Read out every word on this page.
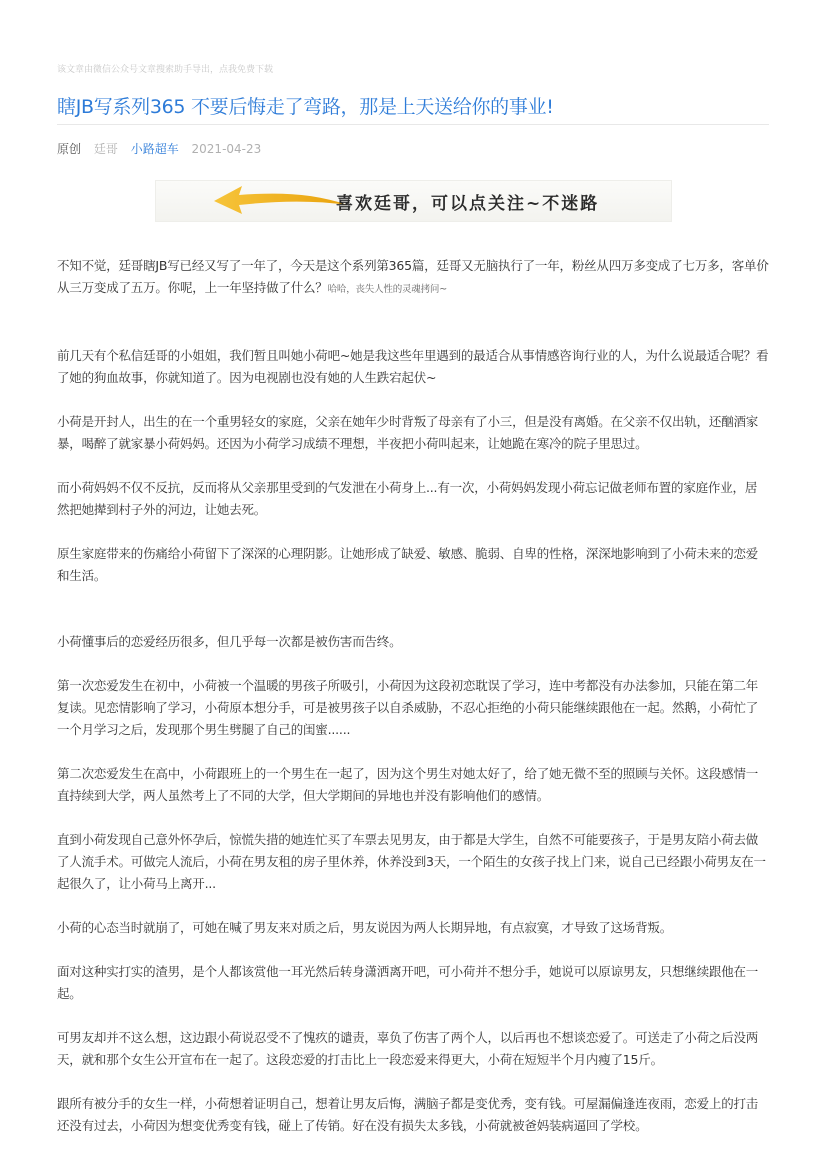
该文章由微信公众号文章搜索助手导出，点我免费下载
瞎JB写系列365 不要后悔走了弯路，那是上天送给你的事业!
原创 廷哥 小路超车 2021-04-23
喜欢廷哥，可以点关注~不迷路

不知不觉，廷哥瞎JB写已经又写了一年了，今天是这个系列第365篇，廷哥又无脑执行了一年，粉丝从四万多变成了七万多，客单价从三万变成了五万。你呢，上一年坚持做了什么？哈哈，丧失人性的灵魂拷问~

前几天有个私信廷哥的小姐姐，我们暂且叫她小荷吧~她是我这些年里遇到的最适合从事情感咨询行业的人，为什么说最适合呢？看了她的狗血故事，你就知道了。因为电视剧也没有她的人生跌宕起伏~

小荷是开封人，出生的在一个重男轻女的家庭，父亲在她年少时背叛了母亲有了小三，但是没有离婚。在父亲不仅出轨，还酗酒家暴，喝醉了就家暴小荷妈妈。还因为小荷学习成绩不理想，半夜把小荷叫起来，让她跪在寒冷的院子里思过。

而小荷妈妈不仅不反抗，反而将从父亲那里受到的气发泄在小荷身上...有一次，小荷妈妈发现小荷忘记做老师布置的家庭作业，居然把她撵到村子外的河边，让她去死。

原生家庭带来的伤痛给小荷留下了深深的心理阴影。让她形成了缺爱、敏感、脆弱、自卑的性格，深深地影响到了小荷未来的恋爱和生活。

小荷懂事后的恋爱经历很多，但几乎每一次都是被伤害而告终。

第一次恋爱发生在初中，小荷被一个温暖的男孩子所吸引，小荷因为这段初恋耽误了学习，连中考都没有办法参加，只能在第二年复读。见恋情影响了学习，小荷原本想分手，可是被男孩子以自杀威胁，不忍心拒绝的小荷只能继续跟他在一起。然鹅，小荷忙了一个月学习之后，发现那个男生劈腿了自己的闺蜜......

第二次恋爱发生在高中，小荷跟班上的一个男生在一起了，因为这个男生对她太好了，给了她无微不至的照顾与关怀。这段感情一直持续到大学，两人虽然考上了不同的大学，但大学期间的异地也并没有影响他们的感情。

直到小荷发现自己意外怀孕后，惊慌失措的她连忙买了车票去见男友，由于都是大学生，自然不可能要孩子，于是男友陪小荷去做了人流手术。可做完人流后，小荷在男友租的房子里休养，休养没到3天，一个陌生的女孩子找上门来，说自己已经跟小荷男友在一起很久了，让小荷马上离开...

小荷的心态当时就崩了，可她在喊了男友来对质之后，男友说因为两人长期异地，有点寂寞，才导致了这场背叛。

面对这种实打实的渣男，是个人都该赏他一耳光然后转身潇洒离开吧，可小荷并不想分手，她说可以原谅男友，只想继续跟他在一起。

可男友却并不这么想，这边跟小荷说忍受不了愧疚的谴责，辜负了伤害了两个人，以后再也不想谈恋爱了。可送走了小荷之后没两天，就和那个女生公开宣布在一起了。这段恋爱的打击比上一段恋爱来得更大，小荷在短短半个月内瘦了15斤。

跟所有被分手的女生一样，小荷想着证明自己，想着让男友后悔，满脑子都是变优秀，变有钱。可屋漏偏逢连夜雨，恋爱上的打击还没有过去，小荷因为想变优秀变有钱，碰上了传销。好在没有损失太多钱，小荷就被爸妈装病逼回了学校。
